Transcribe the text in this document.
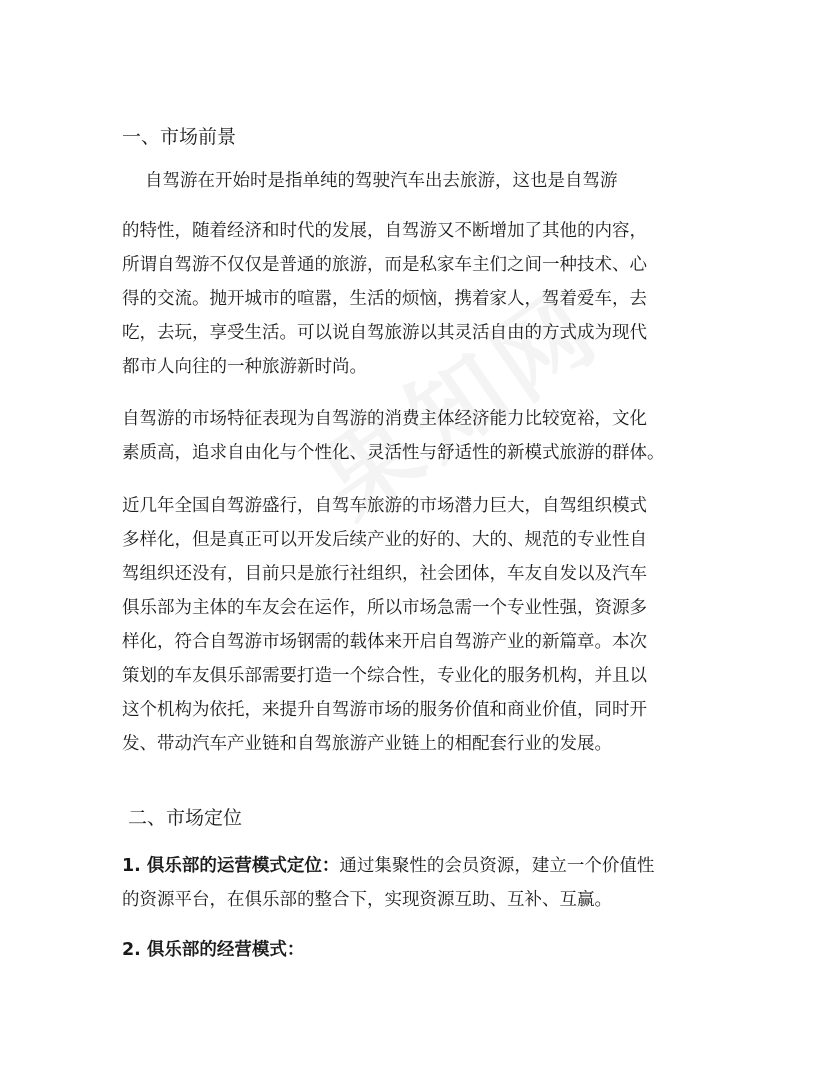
一、市场前景
自驾游在开始时是指单纯的驾驶汽车出去旅游，这也是自驾游
的特性，随着经济和时代的发展，自驾游又不断增加了其他的内容，
所谓自驾游不仅仅是普通的旅游，而是私家车主们之间一种技术、心
得的交流。抛开城市的喧嚣，生活的烦恼，携着家人，驾着爱车，去
吃，去玩，享受生活。可以说自驾旅游以其灵活自由的方式成为现代
都市人向往的一种旅游新时尚。
自驾游的市场特征表现为自驾游的消费主体经济能力比较宽裕，文化
素质高，追求自由化与个性化、灵活性与舒适性的新模式旅游的群体。
近几年全国自驾游盛行，自驾车旅游的市场潜力巨大，自驾组织模式
多样化，但是真正可以开发后续产业的好的、大的、规范的专业性自
驾组织还没有，目前只是旅行社组织，社会团体，车友自发以及汽车
俱乐部为主体的车友会在运作，所以市场急需一个专业性强，资源多
样化，符合自驾游市场钢需的载体来开启自驾游产业的新篇章。本次
策划的车友俱乐部需要打造一个综合性，专业化的服务机构，并且以
这个机构为依托，来提升自驾游市场的服务价值和商业价值，同时开
发、带动汽车产业链和自驾旅游产业链上的相配套行业的发展。
二、市场定位
1. 俱乐部的运营模式定位：通过集聚性的会员资源，建立一个价值性
的资源平台，在俱乐部的整合下，实现资源互助、互补、互赢。
2. 俱乐部的经营模式：
